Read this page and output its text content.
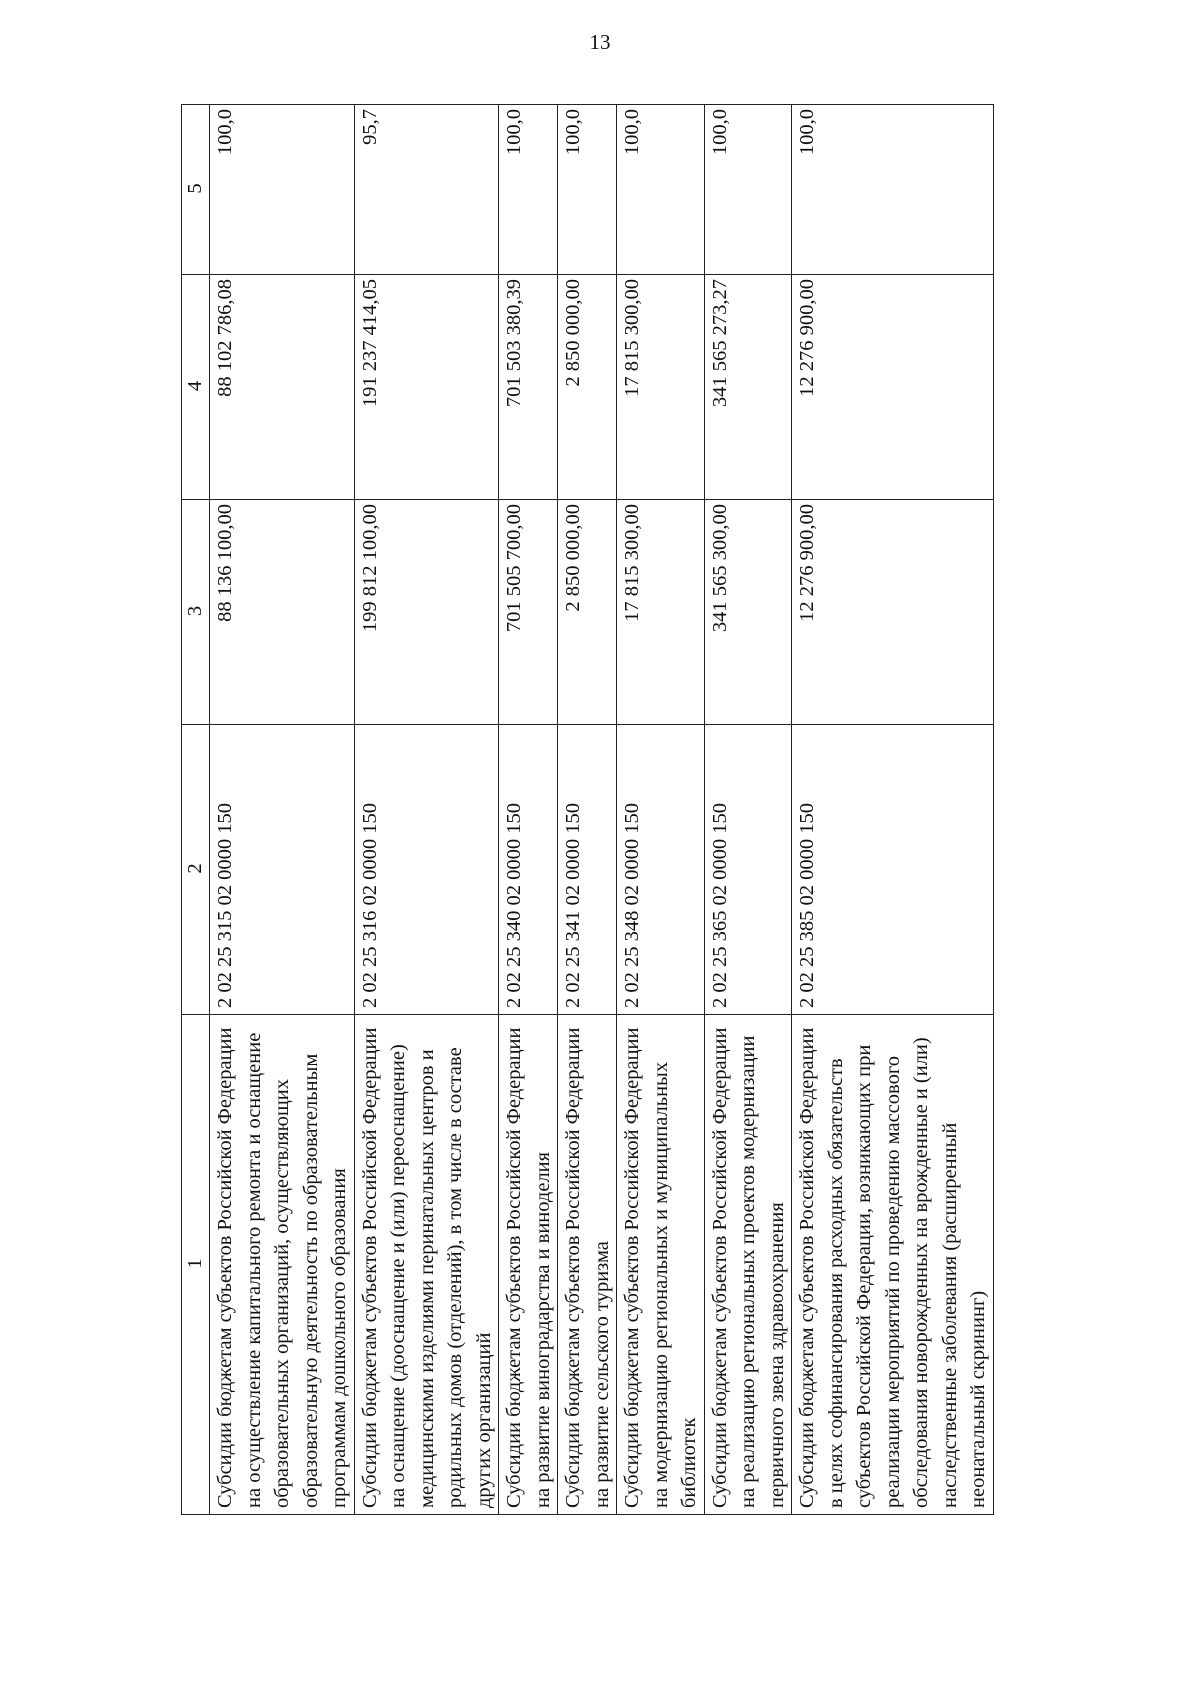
13
1	2	3	4	5
Субсидии бюджетам субъектов Российской Федерации на осуществление капитального ремонта и оснащение образовательных организаций, осуществляющих образовательную деятельность по образовательным программам дошкольного образования	2 02 25 315 02 0000 150	88 136 100,00	88 102 786,08	100,0
Субсидии бюджетам субъектов Российской Федерации на оснащение (дооснащение и (или) переоснащение) медицинскими изделиями перинатальных центров и родильных домов (отделений), в том числе в составе других организаций	2 02 25 316 02 0000 150	199 812 100,00	191 237 414,05	95,7
Субсидии бюджетам субъектов Российской Федерации на развитие виноградарства и виноделия	2 02 25 340 02 0000 150	701 505 700,00	701 503 380,39	100,0
Субсидии бюджетам субъектов Российской Федерации на развитие сельского туризма	2 02 25 341 02 0000 150	2 850 000,00	2 850 000,00	100,0
Субсидии бюджетам субъектов Российской Федерации на модернизацию региональных и муниципальных библиотек	2 02 25 348 02 0000 150	17 815 300,00	17 815 300,00	100,0
Субсидии бюджетам субъектов Российской Федерации на реализацию региональных проектов модернизации первичного звена здравоохранения	2 02 25 365 02 0000 150	341 565 300,00	341 565 273,27	100,0
Субсидии бюджетам субъектов Российской Федерации в целях софинансирования расходных обязательств субъектов Российской Федерации, возникающих при реализации мероприятий по проведению массового обследования новорожденных на врожденные и (или) наследственные заболевания (расширенный неонатальный скрининг)	2 02 25 385 02 0000 150	12 276 900,00	12 276 900,00	100,0
